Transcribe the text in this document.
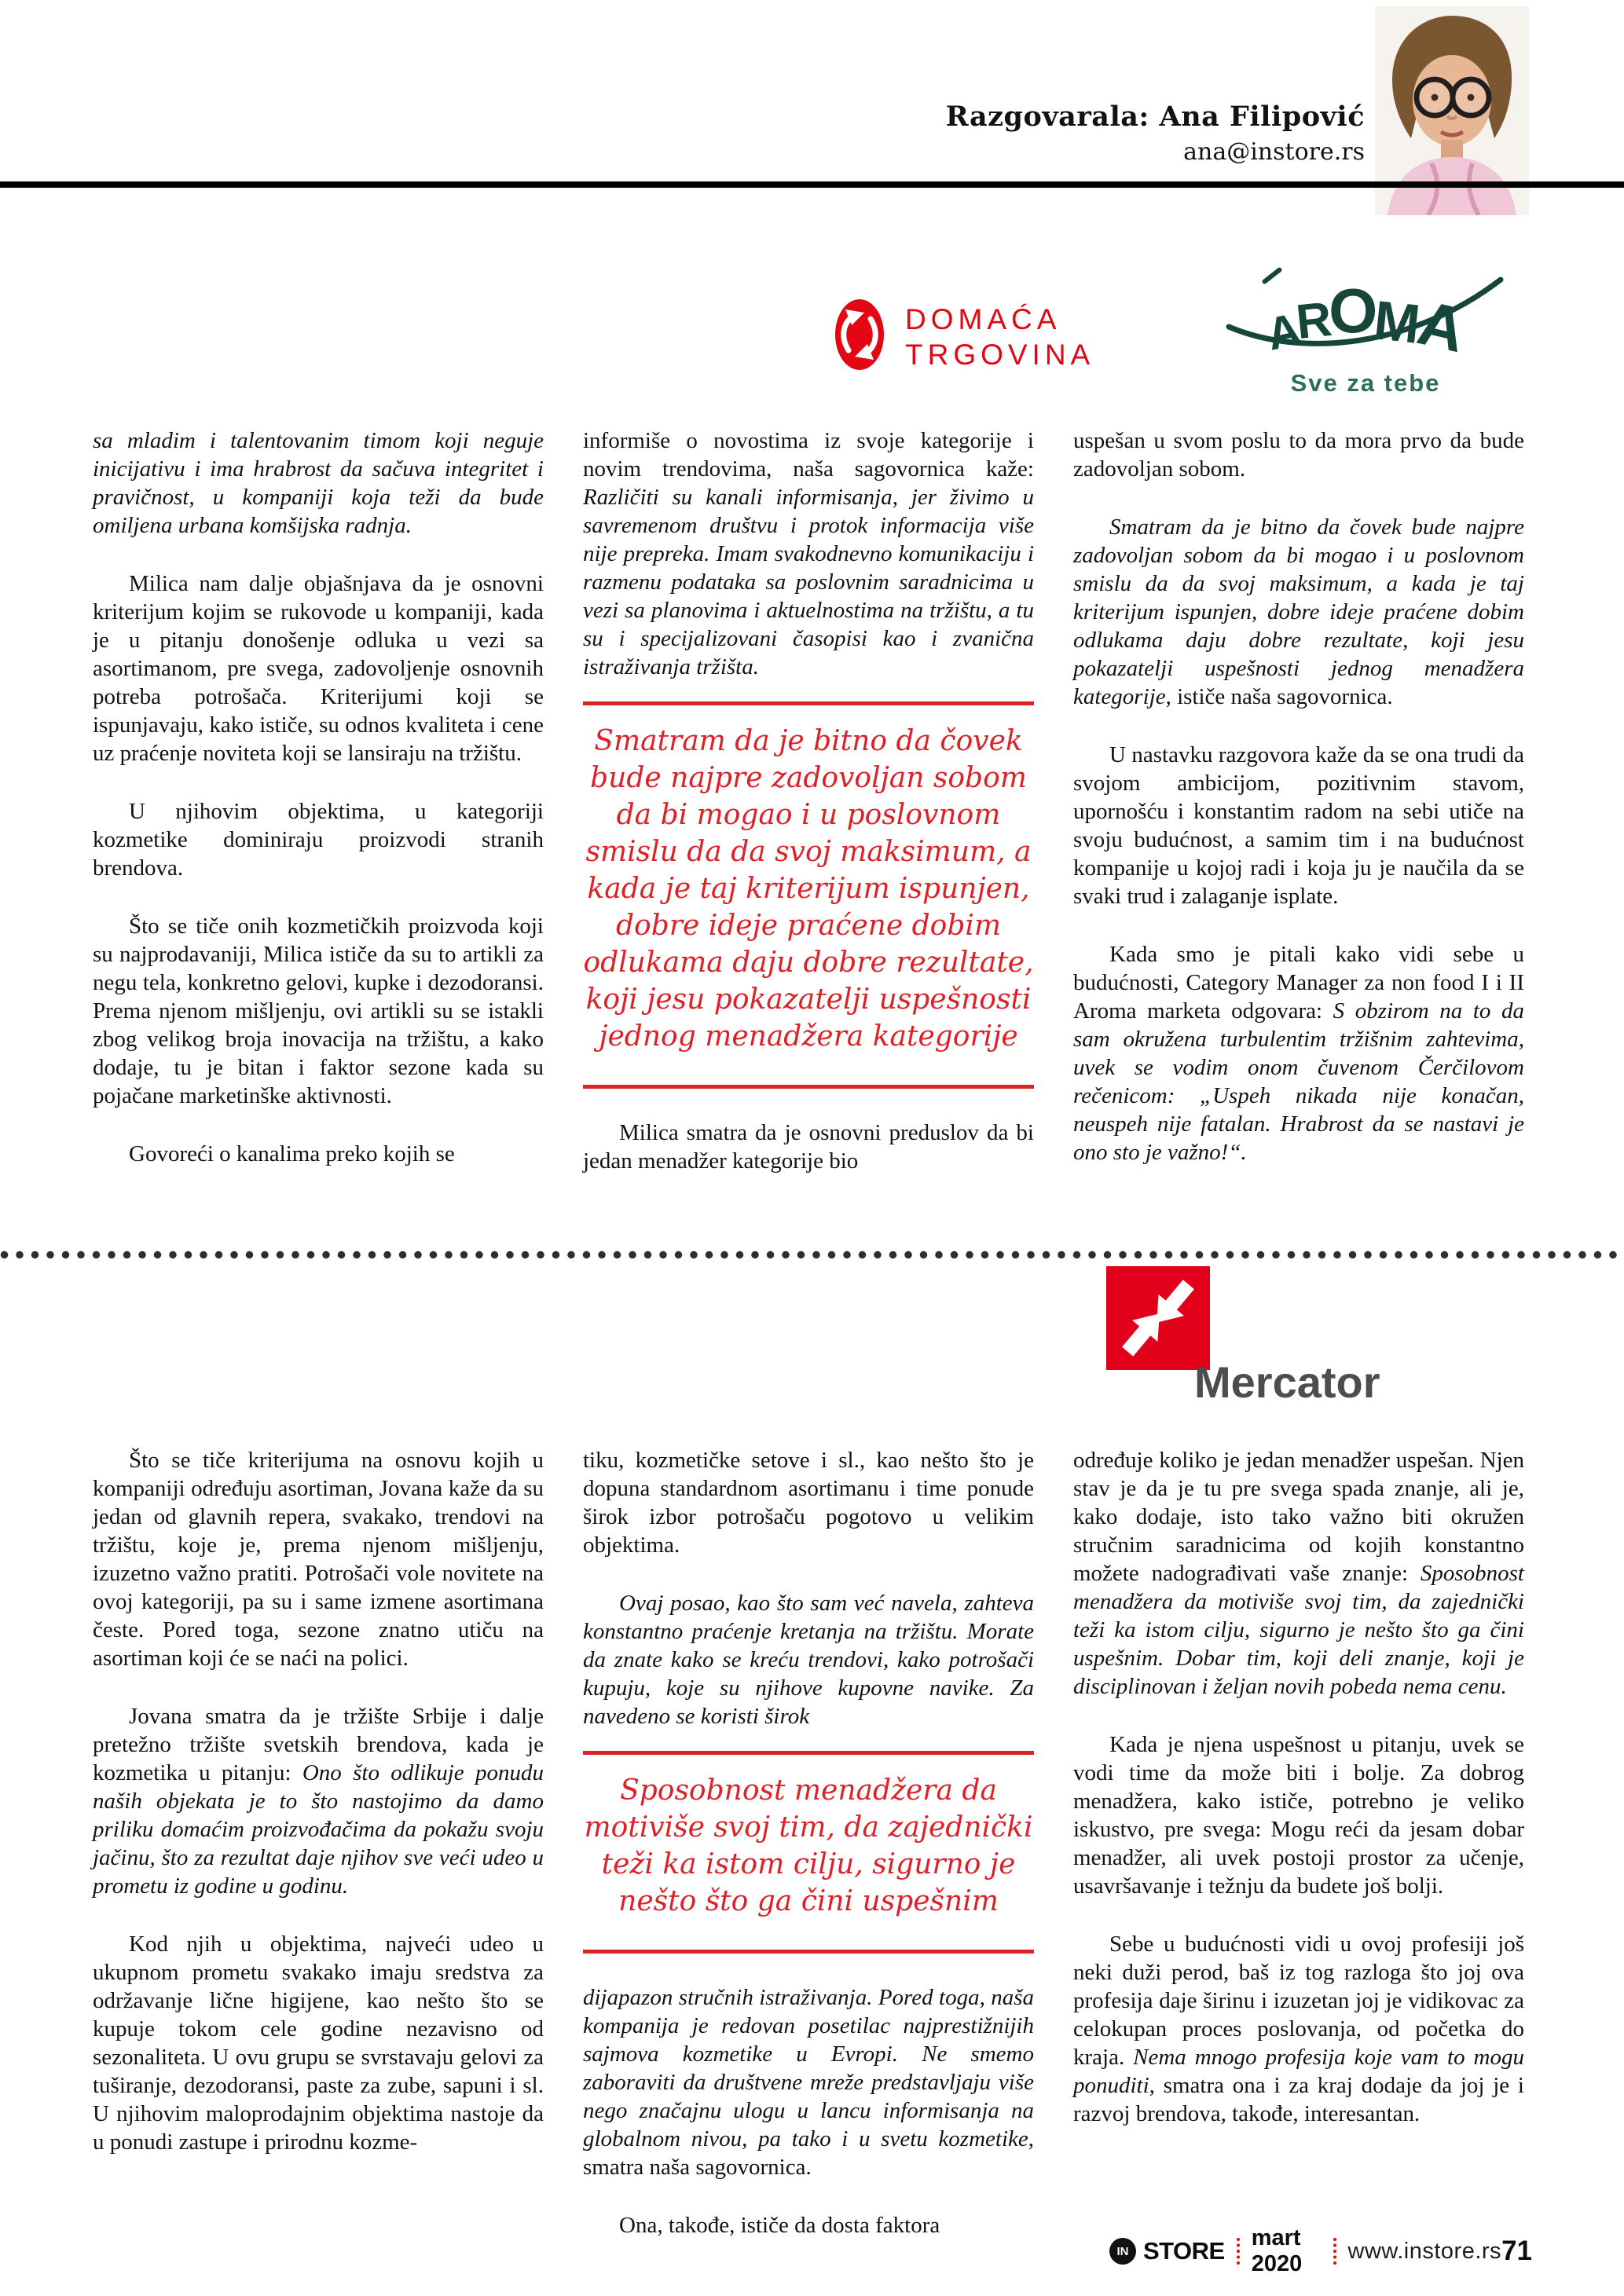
Razgovarala: Ana Filipović
ana@instore.rs
DOMAĆA
TRGOVINA	A
R
O
M
A
Sve za tebe

sa mladim i talentovanim timom koji neguje inicijativu i ima hrabrost da sačuva integritet i pravičnost, u kompaniji koja teži da bude omiljena urbana komšijska radnja.

Milica nam dalje objašnjava da je osnovni kriterijum kojim se rukovode u kompaniji, kada je u pitanju donošenje odluka u vezi sa asortimanom, pre svega, zadovoljenje osnovnih potreba potrošača. Kriterijumi koji se ispunjavaju, kako ističe, su odnos kvaliteta i cene uz praćenje noviteta koji se lansiraju na tržištu.

U njihovim objektima, u kategoriji kozmetike dominiraju proizvodi stranih brendova.

Što se tiče onih kozmetičkih proizvoda koji su najprodavaniji, Milica ističe da su to artikli za negu tela, konkretno gelovi, kupke i dezodoransi. Prema njenom mišljenju, ovi artikli su se istakli zbog velikog broja inovacija na tržištu, a kako dodaje, tu je bitan i faktor sezone kada su pojačane marketinške aktivnosti.

Govoreći o kanalima preko kojih se

informiše o novostima iz svoje kategorije i novim trendovima, naša sagovornica kaže: Različiti su kanali informisanja, jer živimo u savremenom društvu i protok informacija više nije prepreka. Imam svakodnevno komunikaciju i razmenu podataka sa poslovnim saradnicima u vezi sa planovima i aktuelnostima na tržištu, a tu su i specijalizovani časopisi kao i zvanična istraživanja tržišta.

Smatram da je bitno da čovek bude najpre zadovoljan sobom da bi mogao i u poslovnom smislu da da svoj maksimum, a kada je taj kriterijum ispunjen, dobre ideje praćene dobim odlukama daju dobre rezultate, koji jesu pokazatelji uspešnosti jednog menadžera kategorije

Milica smatra da je osnovni preduslov da bi jedan menadžer kategorije bio

uspešan u svom poslu to da mora prvo da bude zadovoljan sobom.

Smatram da je bitno da čovek bude najpre zadovoljan sobom da bi mogao i u poslovnom smislu da da svoj maksimum, a kada je taj kriterijum ispunjen, dobre ideje praćene dobim odlukama daju dobre rezultate, koji jesu pokazatelji uspešnosti jednog menadžera kategorije, ističe naša sagovornica.

U nastavku razgovora kaže da se ona trudi da svojom ambicijom, pozitivnim stavom, upornošću i konstantim radom na sebi utiče na svoju budućnost, a samim tim i na budućnost kompanije u kojoj radi i koja ju je naučila da se svaki trud i zalaganje isplate.

Kada smo je pitali kako vidi sebe u budućnosti, Category Manager za non food I i II Aroma marketa odgovara: S obzirom na to da sam okružena turbulentim tržišnim zahtevima, uvek se vodim onom čuvenom Čerčilovom rečenicom: „Uspeh nikada nije konačan, neuspeh nije fatalan. Hrabrost da se nastavi je ono sto je važno!“.

Mercator

Što se tiče kriterijuma na osnovu kojih u kompaniji određuju asortiman, Jovana kaže da su jedan od glavnih repera, svakako, trendovi na tržištu, koje je, prema njenom mišljenju, izuzetno važno pratiti. Potrošači vole novitete na ovoj kategoriji, pa su i same izmene asortimana česte. Pored toga, sezone znatno utiču na asortiman koji će se naći na polici.

Jovana smatra da je tržište Srbije i dalje pretežno tržište svetskih brendova, kada je kozmetika u pitanju: Ono što odlikuje ponudu naših objekata je to što nastojimo da damo priliku domaćim proizvođačima da pokažu svoju jačinu, što za rezultat daje njihov sve veći udeo u prometu iz godine u godinu.

Kod njih u objektima, najveći udeo u ukupnom prometu svakako imaju sredstva za održavanje lične higijene, kao nešto što se kupuje tokom cele godine nezavisno od sezonaliteta. U ovu grupu se svrstavaju gelovi za tuširanje, dezodoransi, paste za zube, sapuni i sl. U njihovim maloprodajnim objektima nastoje da u ponudi zastupe i prirodnu kozme-

tiku, kozmetičke setove i sl., kao nešto što je dopuna standardnom asortimanu i time ponude širok izbor potrošaču pogotovo u velikim objektima.

Ovaj posao, kao što sam već navela, zahteva konstantno praćenje kretanja na tržištu. Morate da znate kako se kreću trendovi, kako potrošači kupuju, koje su njihove kupovne navike. Za navedeno se koristi širok

Sposobnost menadžera da motiviše svoj tim, da zajednički teži ka istom cilju, sigurno je nešto što ga čini uspešnim

dijapazon stručnih istraživanja. Pored toga, naša kompanija je redovan posetilac najprestižnijih sajmova kozmetike u Evropi. Ne smemo zaboraviti da društvene mreže predstavljaju više nego značajnu ulogu u lancu informisanja na globalnom nivou, pa tako i u svetu kozmetike, smatra naša sagovornica.

Ona, takođe, ističe da dosta faktora

određuje koliko je jedan menadžer uspešan. Njen stav je da je tu pre svega spada znanje, ali je, kako dodaje, isto tako važno biti okružen stručnim saradnicima od kojih konstantno možete nadograđivati vaše znanje: Sposobnost menadžera da motiviše svoj tim, da zajednički teži ka istom cilju, sigurno je nešto što ga čini uspešnim. Dobar tim, koji deli znanje, koji je disciplinovan i željan novih pobeda nema cenu.

Kada je njena uspešnost u pitanju, uvek se vodi time da može biti i bolje. Za dobrog menadžera, kako ističe, potrebno je veliko iskustvo, pre svega: Mogu reći da jesam dobar menadžer, ali uvek postoji prostor za učenje, usavršavanje i težnju da budete još bolji.

Sebe u budućnosti vidi u ovoj profesiji još neki duži perod, baš iz tog razloga što joj ova profesija daje širinu i izuzetan joj je vidikovac za celokupan proces poslovanja, od početka do kraja. Nema mnogo profesija koje vam to mogu ponuditi, smatra ona i za kraj dodaje da joj je i razvoj brendova, takođe, interesantan.

IN STORE mart 2020
www.instore.rs 71
